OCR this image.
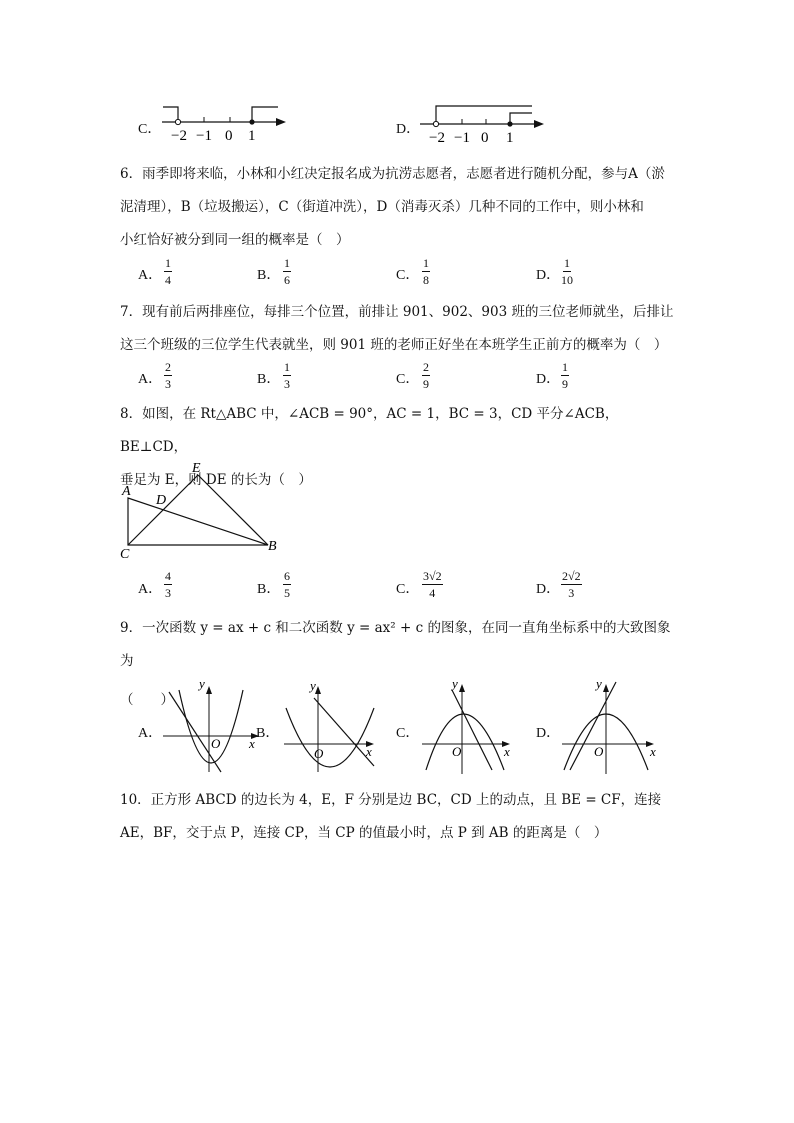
C． −2 −1 0 1	D．
−2 −1 0 1

6．雨季即将来临，小林和小红决定报名成为抗涝志愿者，志愿者进行随机分配，参与A（淤

泥清理），B（垃圾搬运），C（街道冲洗），D（消毒灭杀）几种不同的工作中，则小林和

小红恰好被分到同一组的概率是（　）

A． $\frac{1}{4}$	B． $\frac{1}{6}$	C． $\frac{1}{8}$	D． $\frac{1}{10}$

7．现有前后两排座位，每排三个位置，前排让 901、902、903 班的三位老师就坐，后排让

这三个班级的三位学生代表就坐，则 901 班的老师正好坐在本班学生正前方的概率为（　）

A． $\frac{2}{3}$	B． $\frac{1}{3}$	C． $\frac{2}{9}$	D． $\frac{1}{9}$

8．如图，在 Rt△ABC 中，∠ACB = 90°，AC = 1，BC = 3，CD 平分∠ACB，BE⊥CD，

垂足为 E，则 DE 的长为（　）

A
D
E
C
B
A． $\frac{4}{3}$	B． $\frac{6}{5}$	C． $\frac{3√2}{4}$	D． $\frac{2√2}{3}$

9．一次函数 y = ax + c 和二次函数 y = ax² + c 的图象，在同一直角坐标系中的大致图象为

（　　）

A．
y
x
O
B．
y
x
O
C．
y
x
O
D．
y
x
O

10．正方形 ABCD 的边长为 4，E，F 分别是边 BC，CD 上的动点，且 BE = CF，连接

AE，BF，交于点 P，连接 CP，当 CP 的值最小时，点 P 到 AB 的距离是（　）
